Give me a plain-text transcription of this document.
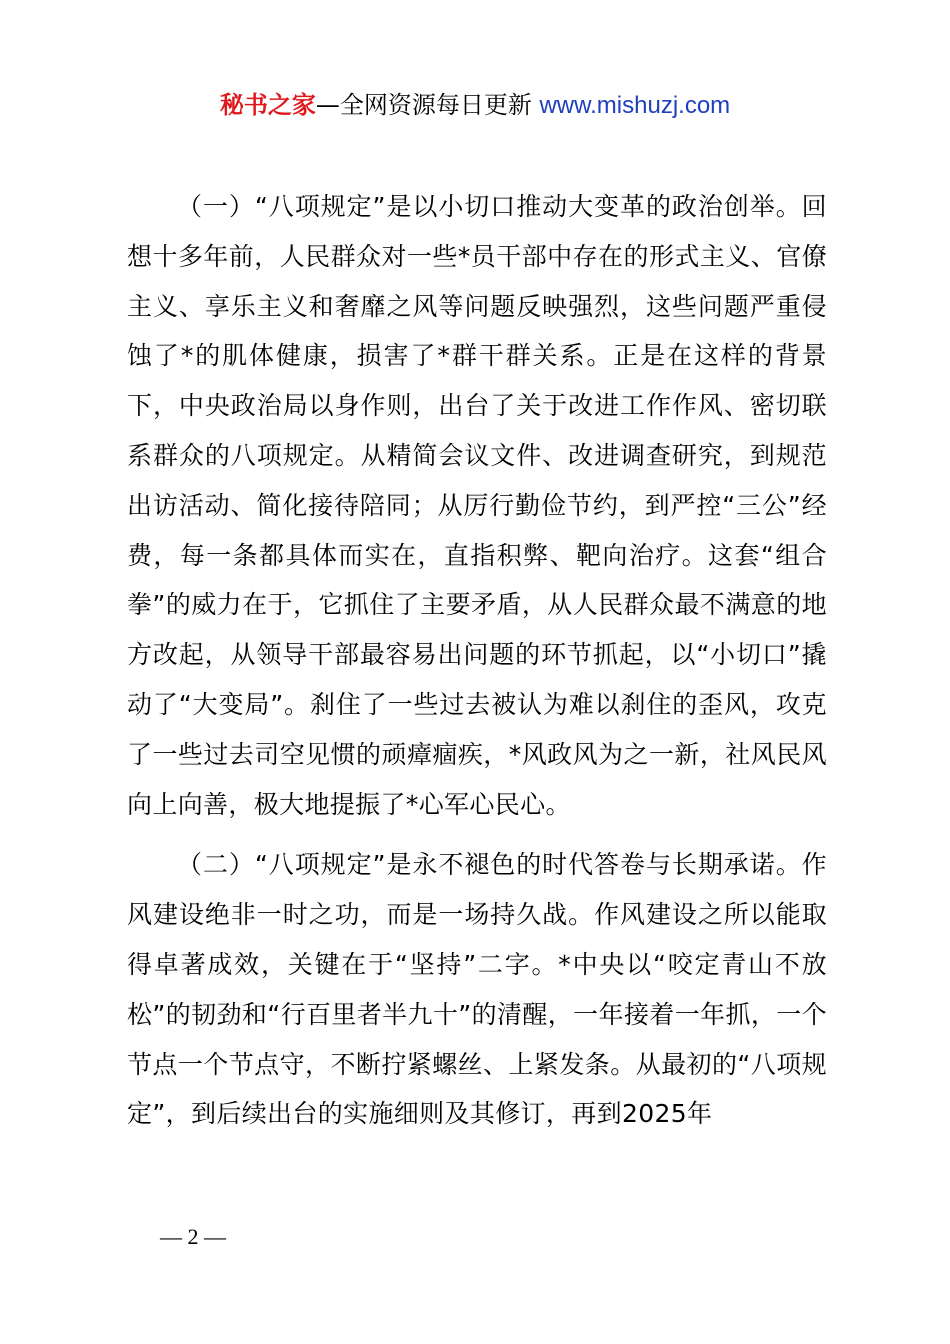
秘书之家—全网资源每日更新 www.mishuzj.com

（一）“八项规定”是以小切口推动大变革的政治创举。回想十多年前，人民群众对一些*员干部中存在的形式主义、官僚主义、享乐主义和奢靡之风等问题反映强烈，这些问题严重侵蚀了*的肌体健康，损害了*群干群关系。正是在这样的背景下，中央政治局以身作则，出台了关于改进工作作风、密切联系群众的八项规定。从精简会议文件、改进调查研究，到规范出访活动、简化接待陪同；从厉行勤俭节约，到严控“三公”经费，每一条都具体而实在，直指积弊、靶向治疗。这套“组合拳”的威力在于，它抓住了主要矛盾，从人民群众最不满意的地方改起，从领导干部最容易出问题的环节抓起，以“小切口”撬动了“大变局”。刹住了一些过去被认为难以刹住的歪风，攻克了一些过去司空见惯的顽瘴痼疾，*风政风为之一新，社风民风向上向善，极大地提振了*心军心民心。

（二）“八项规定”是永不褪色的时代答卷与长期承诺。作风建设绝非一时之功，而是一场持久战。作风建设之所以能取得卓著成效，关键在于“坚持”二字。*中央以“咬定青山不放松”的韧劲和“行百里者半九十”的清醒，一年接着一年抓，一个节点一个节点守，不断拧紧螺丝、上紧发条。从最初的“八项规定”，到后续出台的实施细则及其修订，再到2025年

— 2 —
